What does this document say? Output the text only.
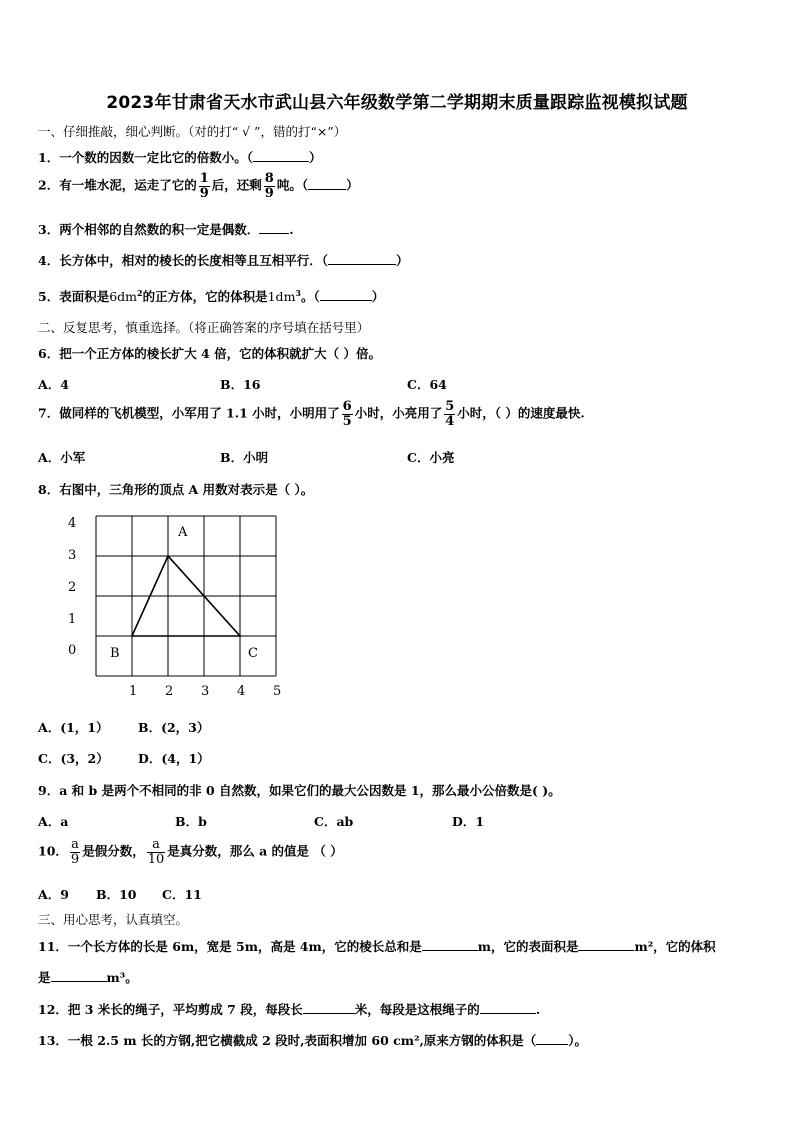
2023年甘肃省天水市武山县六年级数学第二学期期末质量跟踪监视模拟试题
一、仔细推敲，细心判断。（对的打“ √ ”，错的打“×”）
1．一个数的因数一定比它的倍数小。（	）
2．有一堆水泥，运走了它的 $\frac{1}{9}$ 后，还剩 $\frac{8}{9}$ 吨。（	）
3．两个相邻的自然数的积一定是偶数． .
4．长方体中，相对的棱长的长度相等且互相平行．（	）
5．表面积是$6dm^2$的正方体，它的体积是$1dm^3$。（	）
二、反复思考，慎重选择。（将正确答案的序号填在括号里）
6．把一个正方体的棱长扩大 4 倍，它的体积就扩大（ ）倍。
A．4	B．16	C．64
7．做同样的飞机模型，小军用了 1.1 小时，小明用了 $\frac{6}{5}$ 小时，小亮用了 $\frac{5}{4}$ 小时，（ ）的速度最快.
A．小军	B．小明	C．小亮
8．右图中，三角形的顶点 A 用数对表示是（ ）。
4
3
2
1
0
1 2 3 4 5
A
B	C
A．(1，1） B．(2，3）
C．(3，2） D．(4，1）
9．a 和 b 是两个不相同的非 0 自然数，如果它们的最大公因数是 1，那么最小公倍数是( )。
A．a	B．b	C．ab	D．1
10． $\frac{a}{9}$ 是假分数， $\frac{a}{10}$ 是真分数，那么 a 的值是 （ ）
A．9 B．10 C．11
三、用心思考，认真填空。
11．一个长方体的长是 6m，宽是 5m，高是 4m，它的棱长总和是	m，它的表面积是	m²，它的体积
是	m³。
12．把 3 米长的绳子，平均剪成 7 段，每段长	米，每段是这根绳子的	.
13．一根 2.5 m 长的方钢,把它横截成 2 段时,表面积增加 60 cm²,原来方钢的体积是（	）。
